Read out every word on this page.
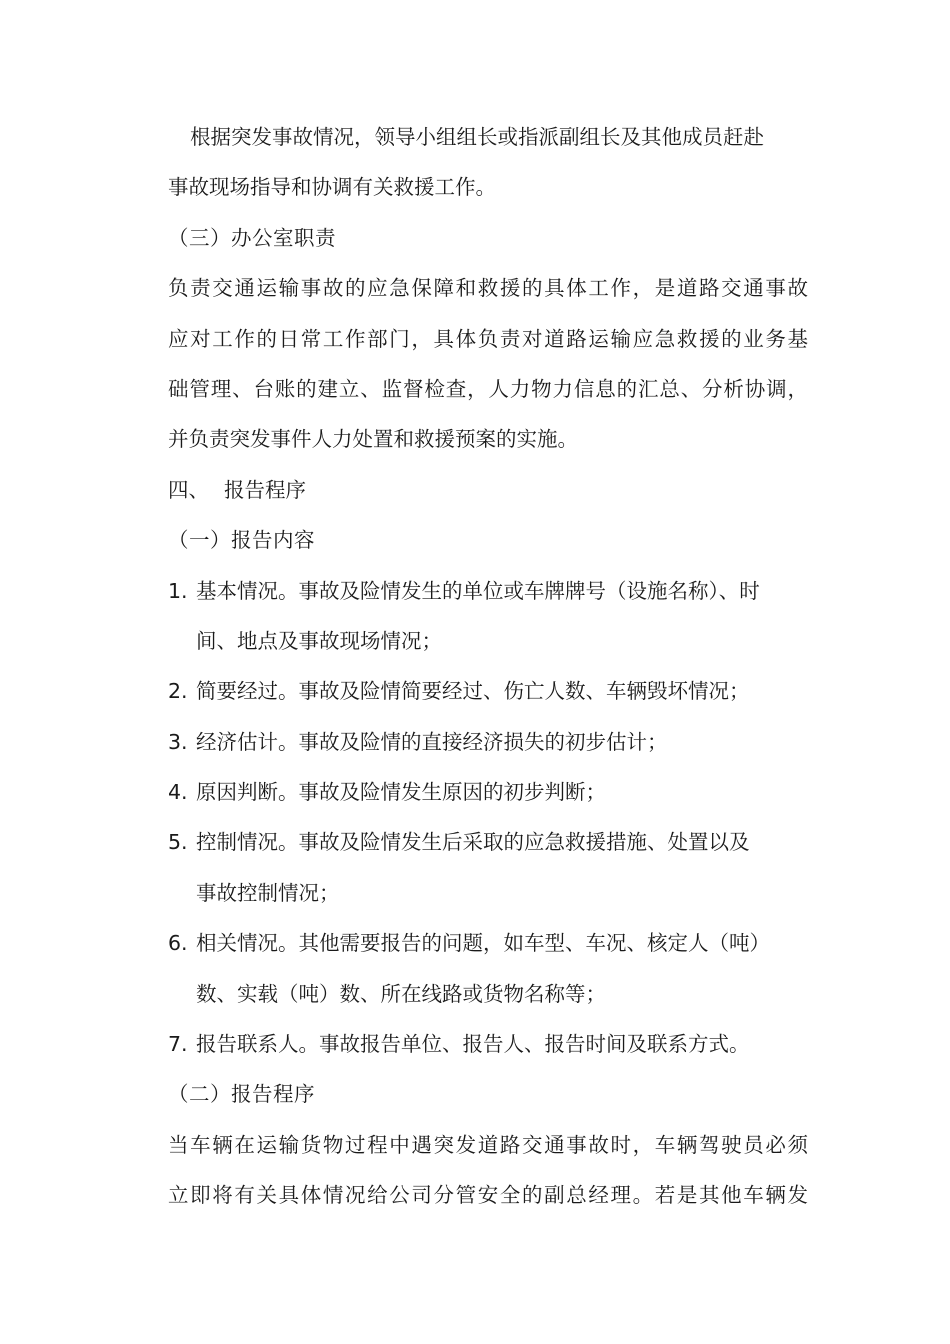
根据突发事故情况，领导小组组长或指派副组长及其他成员赶赴
事故现场指导和协调有关救援工作。
（三）办公室职责
负责交通运输事故的应急保障和救援的具体工作，是道路交通事故
应对工作的日常工作部门，具体负责对道路运输应急救援的业务基
础管理、台账的建立、监督检查，人力物力信息的汇总、分析协调，
并负责突发事件人力处置和救援预案的实施。
四、 报告程序
（一）报告内容
1. 基本情况。事故及险情发生的单位或车牌牌号（设施名称）、时
间、地点及事故现场情况；
2. 简要经过。事故及险情简要经过、伤亡人数、车辆毁坏情况；
3. 经济估计。事故及险情的直接经济损失的初步估计；
4. 原因判断。事故及险情发生原因的初步判断；
5. 控制情况。事故及险情发生后采取的应急救援措施、处置以及
事故控制情况；
6. 相关情况。其他需要报告的问题，如车型、车况、核定人（吨）
数、实载（吨）数、所在线路或货物名称等；
7. 报告联系人。事故报告单位、报告人、报告时间及联系方式。
（二）报告程序
当车辆在运输货物过程中遇突发道路交通事故时，车辆驾驶员必须
立即将有关具体情况给公司分管安全的副总经理。若是其他车辆发
